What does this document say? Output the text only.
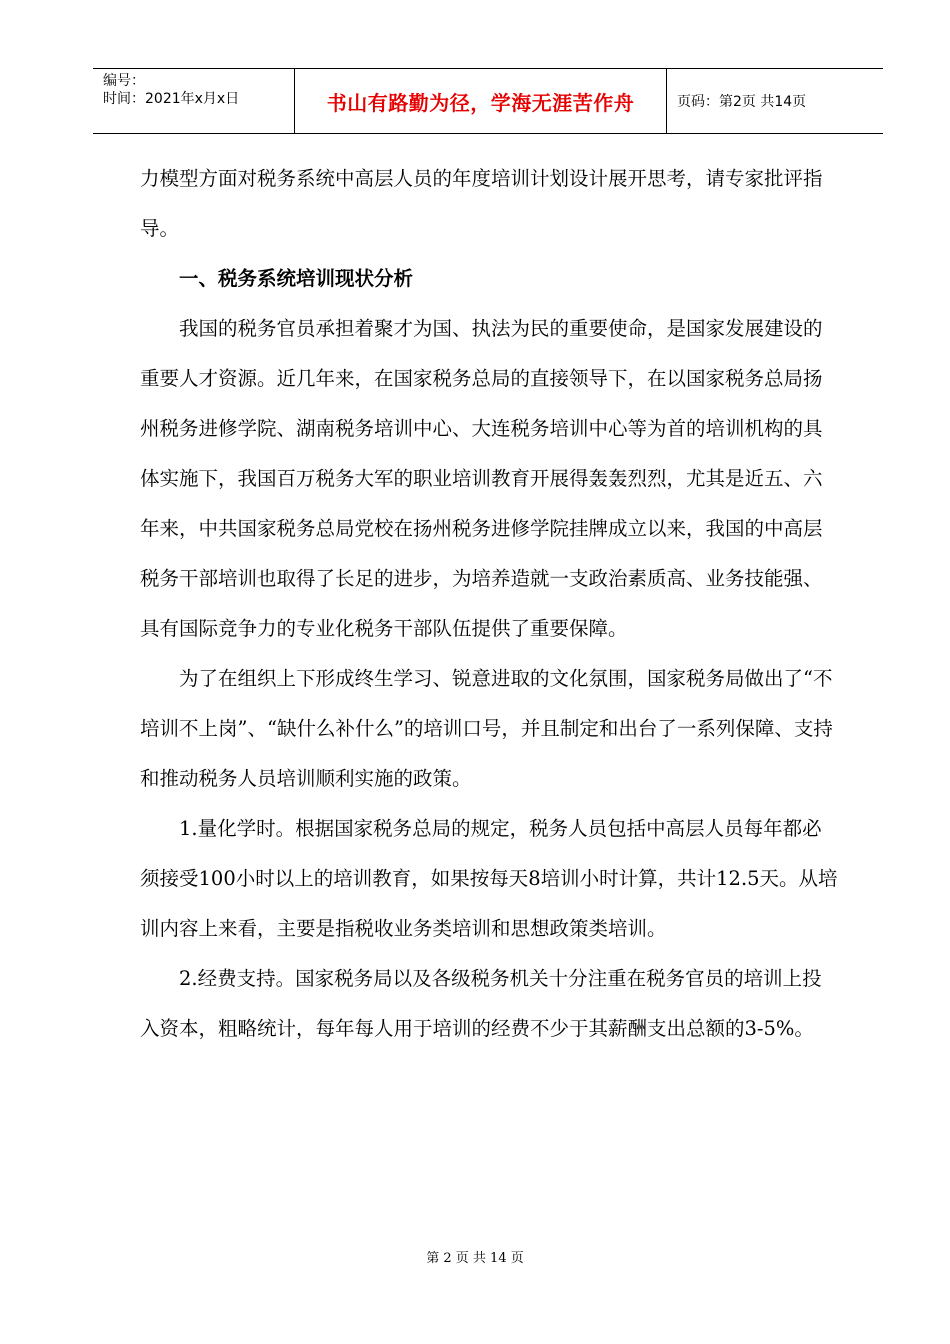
编号：
时间：2021年x月x日	书山有路勤为径，学海无涯苦作舟	页码：第2页 共14页

力模型方面对税务系统中高层人员的年度培训计划设计展开思考，请专家批评指导。

一、税务系统培训现状分析

我国的税务官员承担着聚才为国、执法为民的重要使命，是国家发展建设的重要人才资源。近几年来，在国家税务总局的直接领导下，在以国家税务总局扬州税务进修学院、湖南税务培训中心、大连税务培训中心等为首的培训机构的具体实施下，我国百万税务大军的职业培训教育开展得轰轰烈烈，尤其是近五、六年来，中共国家税务总局党校在扬州税务进修学院挂牌成立以来，我国的中高层税务干部培训也取得了长足的进步，为培养造就一支政治素质高、业务技能强、具有国际竞争力的专业化税务干部队伍提供了重要保障。

为了在组织上下形成终生学习、锐意进取的文化氛围，国家税务局做出了“不培训不上岗”、“缺什么补什么”的培训口号，并且制定和出台了一系列保障、支持和推动税务人员培训顺利实施的政策。

1.量化学时。根据国家税务总局的规定，税务人员包括中高层人员每年都必须接受100小时以上的培训教育，如果按每天8培训小时计算，共计12.5天。从培训内容上来看，主要是指税收业务类培训和思想政策类培训。

2.经费支持。国家税务局以及各级税务机关十分注重在税务官员的培训上投入资本，粗略统计，每年每人用于培训的经费不少于其薪酬支出总额的3-5%。

第 2 页 共 14 页
